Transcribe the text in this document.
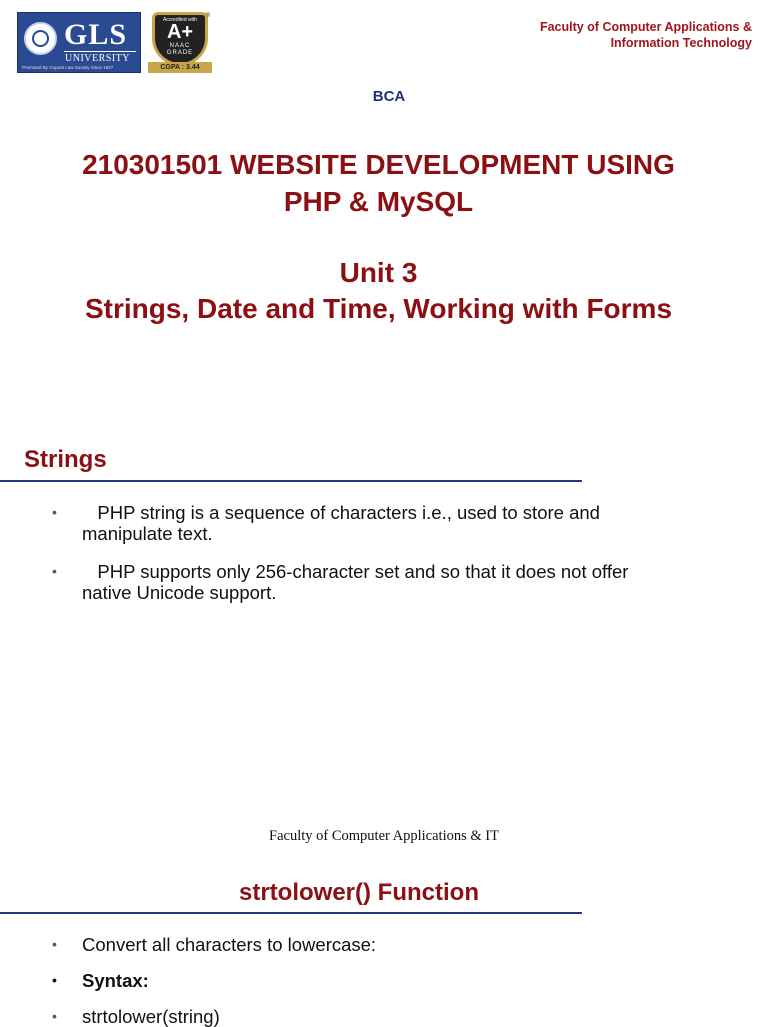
GLS
UNIVERSITY
Promoted By Gujarat Law Society Since 1927
®
Accredited with
A+
NAAC
GRADE
CGPA : 3.44
Faculty of Computer Applications &
Information Technology
BCA
210301501 WEBSITE DEVELOPMENT USING
PHP & MySQL
Unit 3
Strings, Date and Time, Working with Forms
Strings
• PHP string is a sequence of characters i.e., used to store and manipulate text.
• PHP supports only 256-character set and so that it does not offer native Unicode support.
Faculty of Computer Applications & IT
strtolower() Function
• Convert all characters to lowercase:
• Syntax:
• strtolower(string)
